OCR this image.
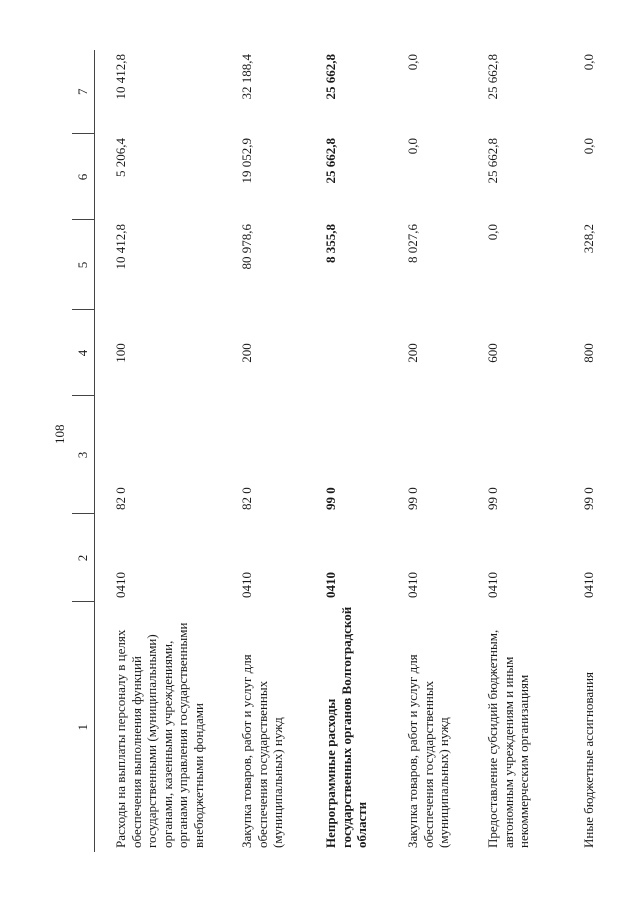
108
1	2	3	4	5	6	7
Расходы на выплаты персоналу в целях обеспечения выполнения функций государственными (муниципальными) органами, казенными учреждениями, органами управления государственными внебюджетными фондами	0410	82 0	100	10 412,8	5 206,4	10 412,8
Закупка товаров, работ и услуг для обеспечения государственных (муниципальных) нужд	0410	82 0	200	80 978,6	19 052,9	32 188,4
Непрограммные расходы государственных органов Волгоградской области	0410	99 0		8 355,8	25 662,8	25 662,8
Закупка товаров, работ и услуг для обеспечения государственных (муниципальных) нужд	0410	99 0	200	8 027,6	0,0	0,0
Предоставление субсидий бюджетным, автономным учреждениям и иным некоммерческим организациям	0410	99 0	600	0,0	25 662,8	25 662,8
Иные бюджетные ассигнования	0410	99 0	800	328,2	0,0	0,0
